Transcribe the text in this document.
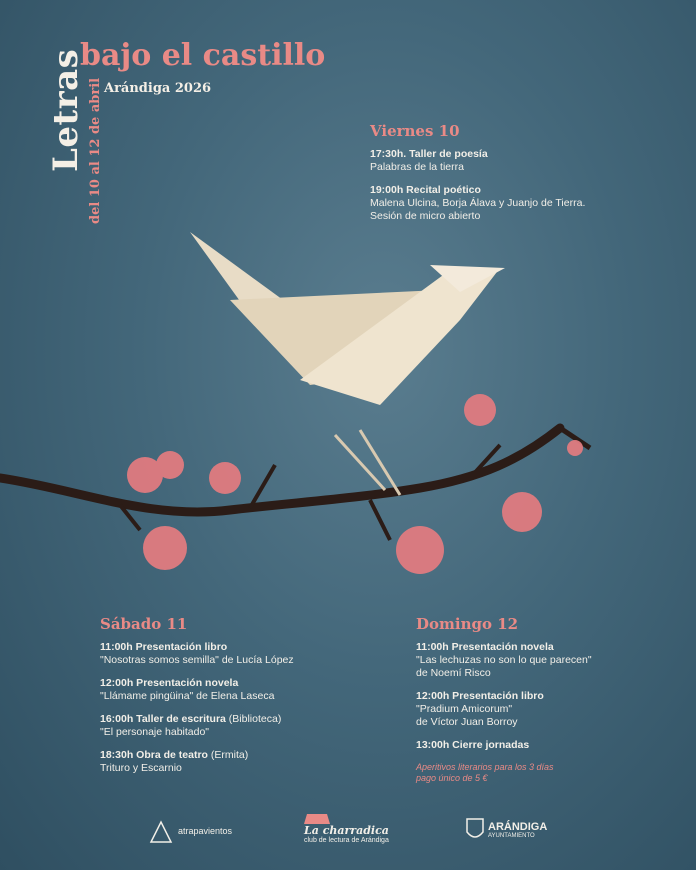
Letras del 10 al 12 de abril
bajo el castillo
Arándiga 2026
Viernes 10
17:30h. Taller de poesía
Palabras de la tierra
19:00h Recital poético
Malena Ulcina, Borja Álava y Juanjo de Tierra.
Sesión de micro abierto
Sábado 11
11:00h Presentación libro
"Nosotras somos semilla" de Lucía López
12:00h Presentación novela
"Llámame pingüina" de Elena Laseca
16:00h Taller de escritura (Biblioteca)
"El personaje habitado"
18:30h Obra de teatro (Ermita)
Trituro y Escarnio
Domingo 12
11:00h Presentación novela
"Las lechuzas no son lo que parecen"
de Noemí Risco
12:00h Presentación libro
"Pradium Amicorum"
de Víctor Juan Borroy
13:00h Cierre jornadas
Aperitivos literarios para los 3 días
pago único de 5 €
atrapavientos	La charradica
club de lectura de Arándiga
ARÁNDIGA
AYUNTAMIENTO
